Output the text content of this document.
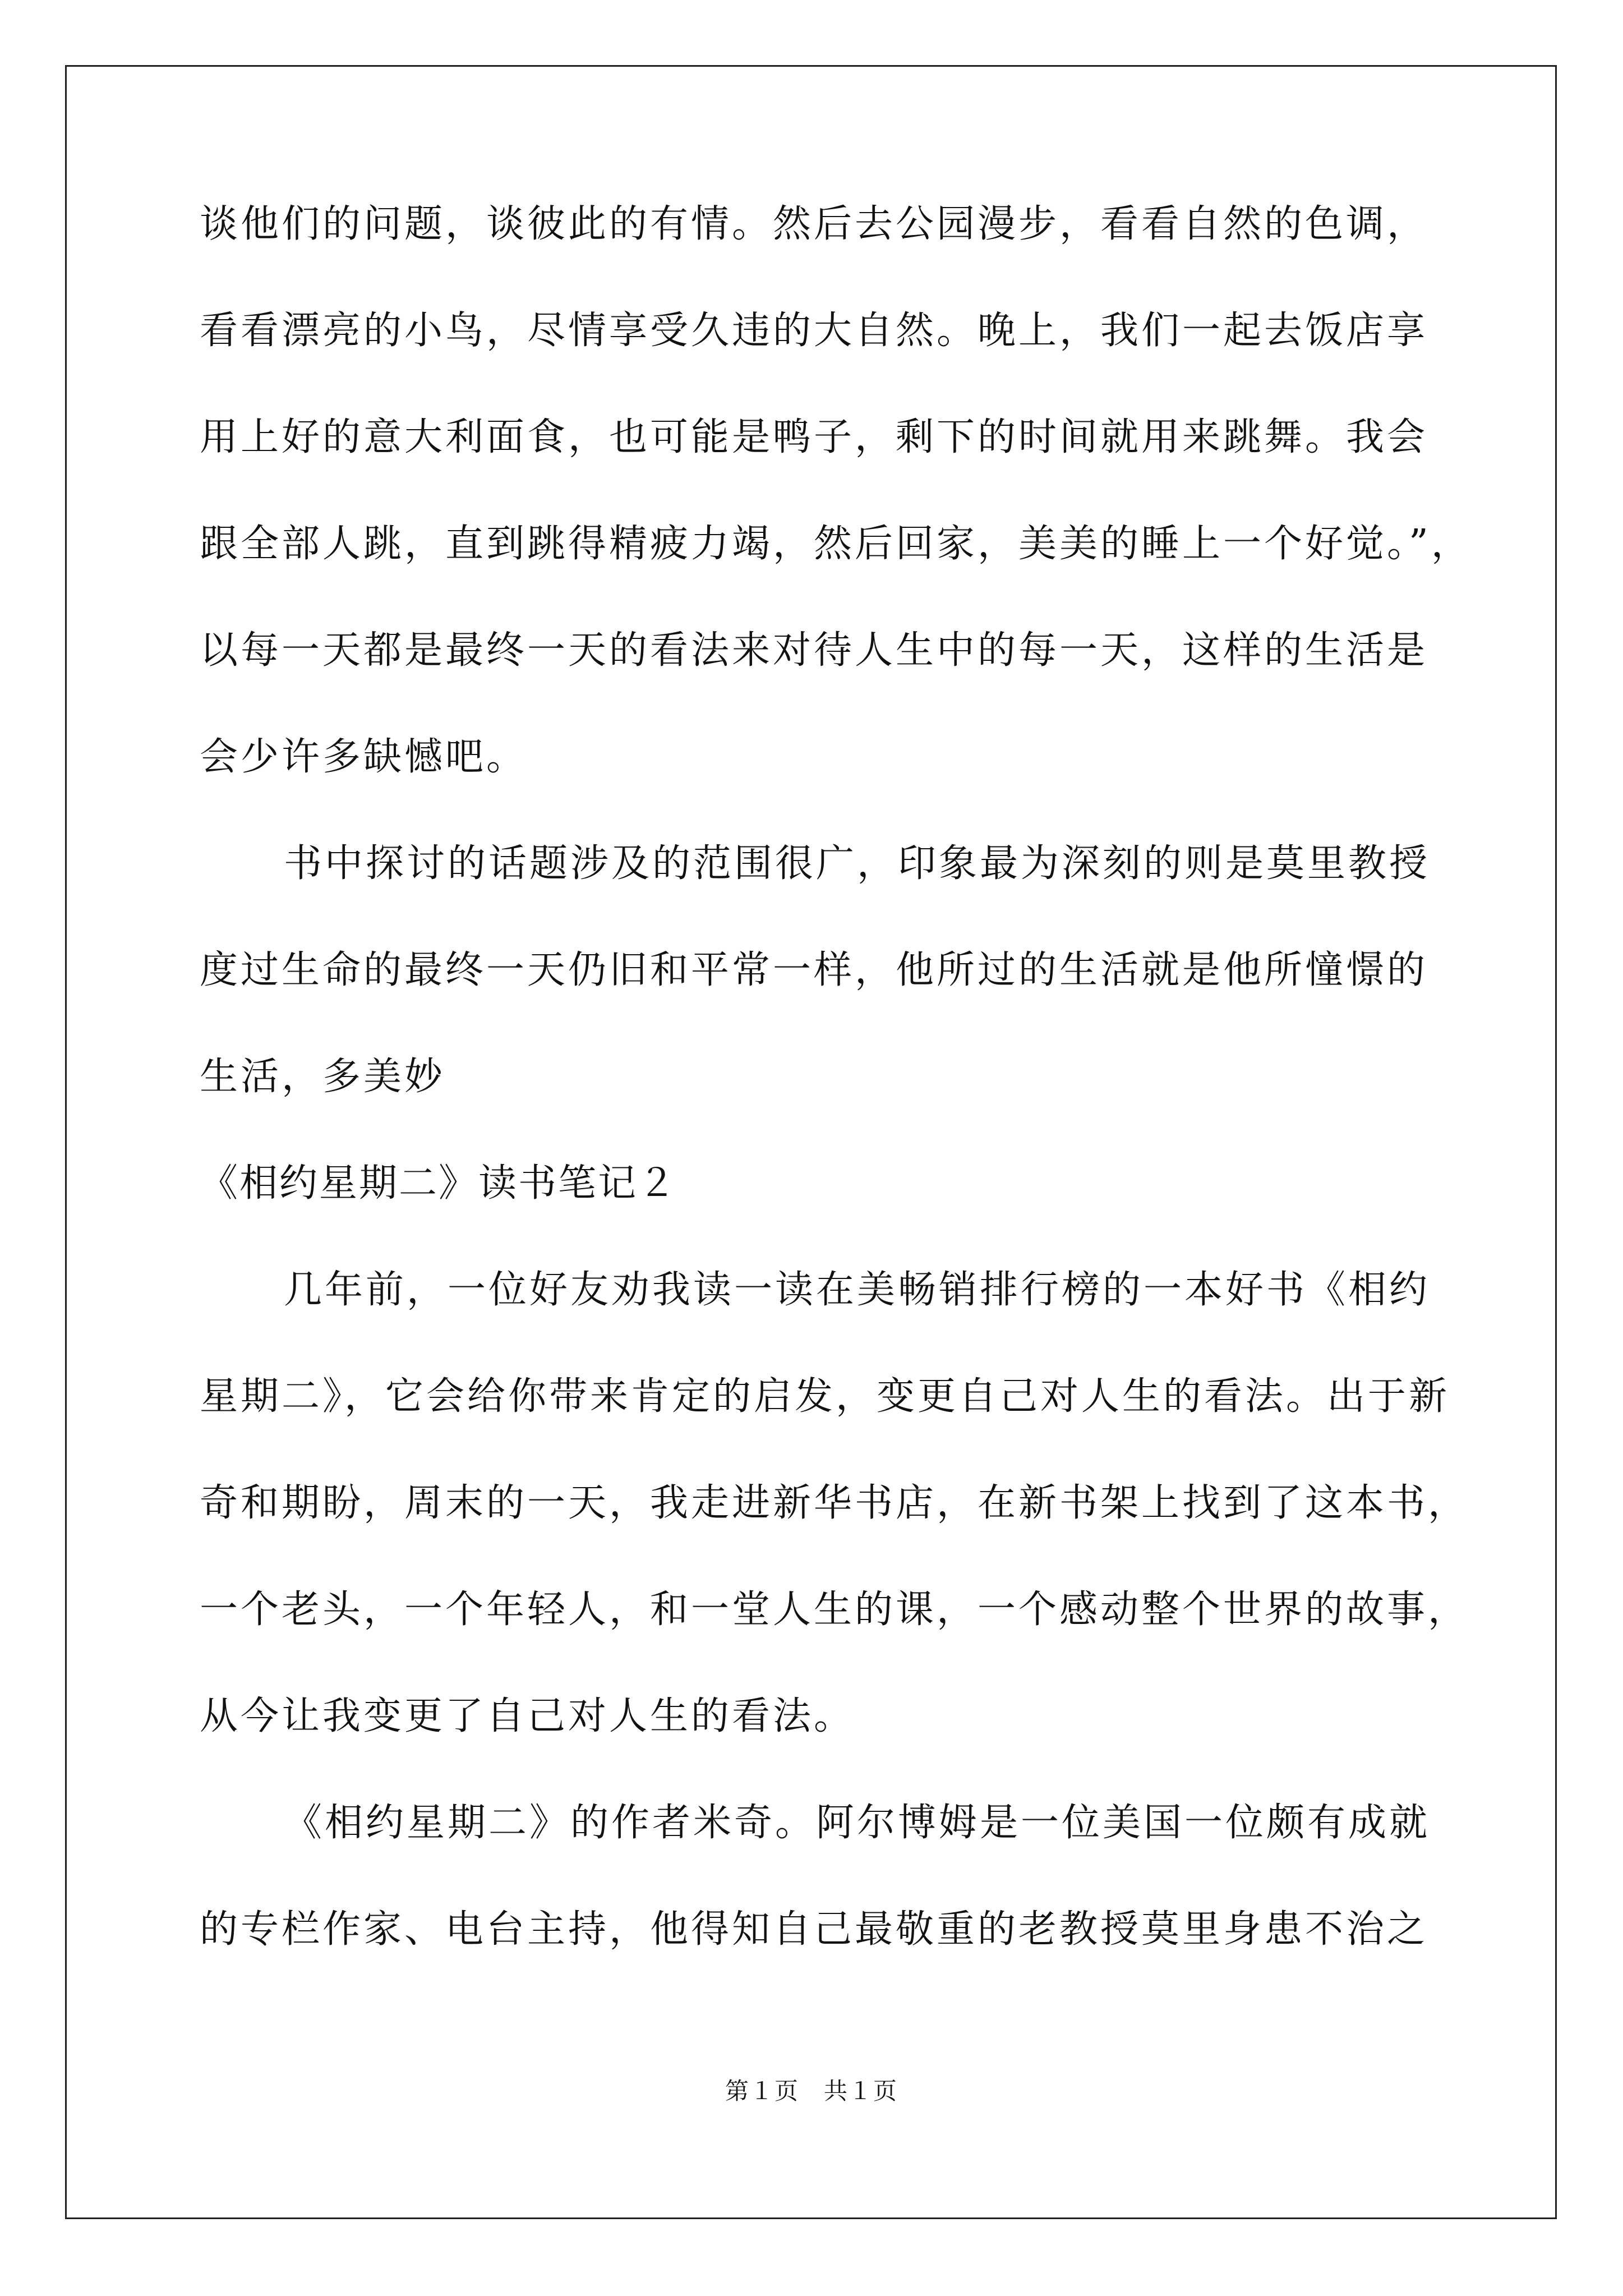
谈他们的问题，谈彼此的有情。然后去公园漫步，看看自然的色调，
看看漂亮的小鸟，尽情享受久违的大自然。晚上，我们一起去饭店享
用上好的意大利面食，也可能是鸭子，剩下的时间就用来跳舞。我会
跟全部人跳，直到跳得精疲力竭，然后回家，美美的睡上一个好觉。”，
以每一天都是最终一天的看法来对待人生中的每一天，这样的生活是
会少许多缺憾吧。
书中探讨的话题涉及的范围很广，印象最为深刻的则是莫里教授
度过生命的最终一天仍旧和平常一样，他所过的生活就是他所憧憬的
生活，多美妙
《相约星期二》读书笔记２
几年前，一位好友劝我读一读在美畅销排行榜的一本好书《相约
星期二》，它会给你带来肯定的启发，变更自己对人生的看法。出于新
奇和期盼，周末的一天，我走进新华书店，在新书架上找到了这本书，
一个老头，一个年轻人，和一堂人生的课，一个感动整个世界的故事，
从今让我变更了自己对人生的看法。
《相约星期二》的作者米奇。阿尔博姆是一位美国一位颇有成就
的专栏作家、电台主持，他得知自己最敬重的老教授莫里身患不治之
第１页　共１页
